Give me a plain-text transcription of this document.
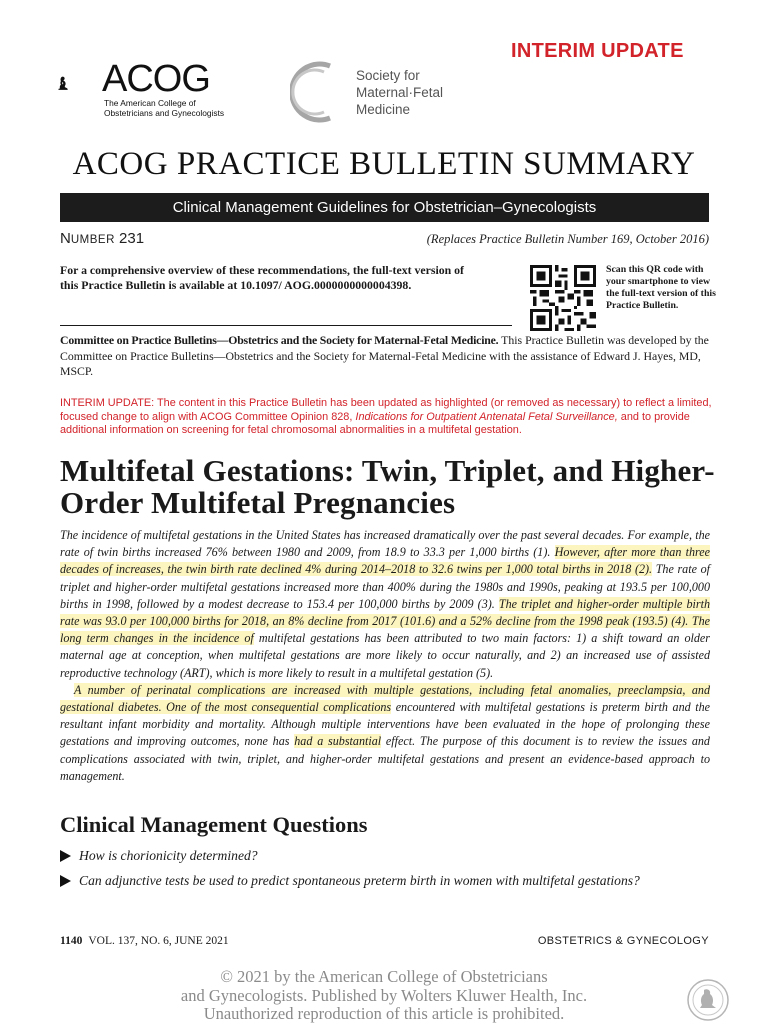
INTERIM UPDATE
ACOG
The American College of
Obstetricians and Gynecologists
Society for
Maternal·Fetal
Medicine
ACOG PRACTICE BULLETIN SUMMARY
Clinical Management Guidelines for Obstetrician–Gynecologists
NUMBER 231	(Replaces Practice Bulletin Number 169, October 2016)
For a comprehensive overview of these recommendations, the full-text version of this Practice Bulletin is available at 10.1097/ AOG.0000000000004398.
Scan this QR code with your smartphone to view the full-text version of this Practice Bulletin.
Committee on Practice Bulletins—Obstetrics and the Society for Maternal-Fetal Medicine. This Practice Bulletin was developed by the Committee on Practice Bulletins—Obstetrics and the Society for Maternal-Fetal Medicine with the assistance of Edward J. Hayes, MD, MSCP.
INTERIM UPDATE: The content in this Practice Bulletin has been updated as highlighted (or removed as necessary) to reflect a limited, focused change to align with ACOG Committee Opinion 828, Indications for Outpatient Antenatal Fetal Surveillance, and to provide additional information on screening for fetal chromosomal abnormalities in a multifetal gestation.
Multifetal Gestations: Twin, Triplet, and Higher-Order Multifetal Pregnancies

The incidence of multifetal gestations in the United States has increased dramatically over the past several decades. For example, the rate of twin births increased 76% between 1980 and 2009, from 18.9 to 33.3 per 1,000 births (1). However, after more than three decades of increases, the twin birth rate declined 4% during 2014–2018 to 32.6 twins per 1,000 total births in 2018 (2). The rate of triplet and higher-order multifetal gestations increased more than 400% during the 1980s and 1990s, peaking at 193.5 per 100,000 births in 1998, followed by a modest decrease to 153.4 per 100,000 births by 2009 (3). The triplet and higher-order multiple birth rate was 93.0 per 100,000 births for 2018, an 8% decline from 2017 (101.6) and a 52% decline from the 1998 peak (193.5) (4). The long term changes in the incidence of multifetal gestations has been attributed to two main factors: 1) a shift toward an older maternal age at conception, when multifetal gestations are more likely to occur naturally, and 2) an increased use of assisted reproductive technology (ART), which is more likely to result in a multifetal gestation (5).

A number of perinatal complications are increased with multiple gestations, including fetal anomalies, preeclampsia, and gestational diabetes. One of the most consequential complications encountered with multifetal gestations is preterm birth and the resultant infant morbidity and mortality. Although multiple interventions have been evaluated in the hope of prolonging these gestations and improving outcomes, none has had a substantial effect. The purpose of this document is to review the issues and complications associated with twin, triplet, and higher-order multifetal gestations and present an evidence-based approach to management.

Clinical Management Questions
How is chorionicity determined?
Can adjunctive tests be used to predict spontaneous preterm birth in women with multifetal gestations?
1140 VOL. 137, NO. 6, JUNE 2021	OBSTETRICS & GYNECOLOGY
© 2021 by the American College of Obstetricians
and Gynecologists. Published by Wolters Kluwer Health, Inc.
Unauthorized reproduction of this article is prohibited.
